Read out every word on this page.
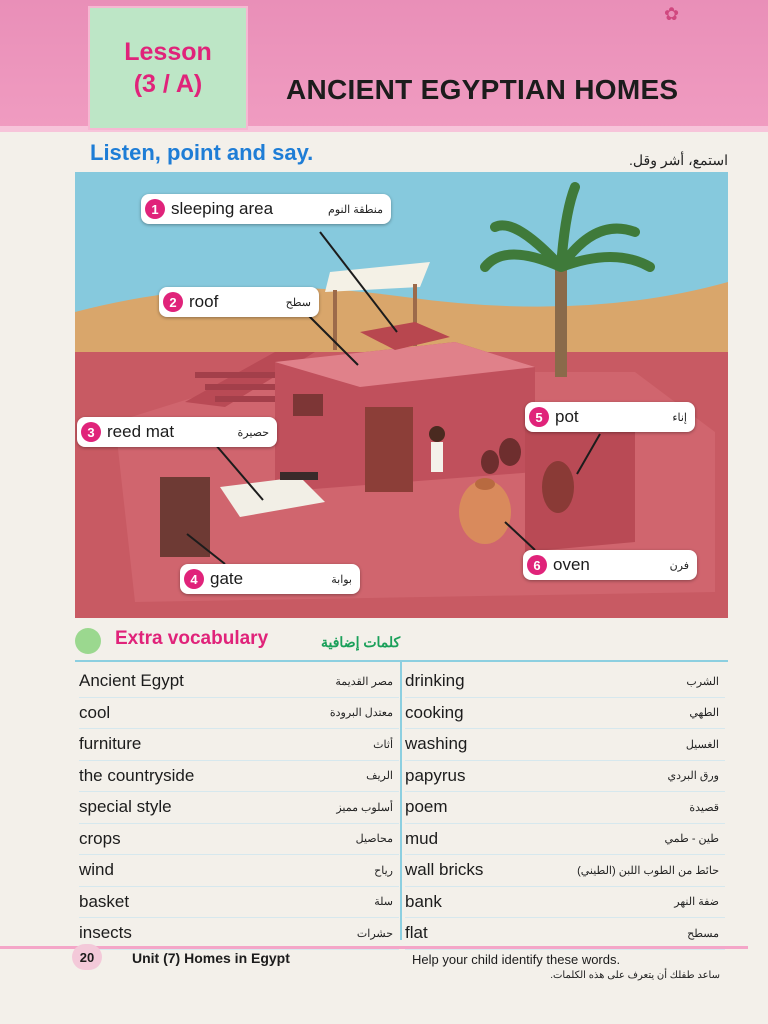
Lesson
(3 / A)	ANCIENT EGYPTIAN HOMES
✿
Listen, point and say.	استمع، أشر وقل.
1 sleeping area	منطقة النوم
2 roof	سطح
3 reed mat	حصيرة
4 gate	بوابة
5 pot	إناء
6 oven	فرن
Extra vocabulary	كلمات إضافية
Ancient Egypt	مصر القديمة
cool	معتدل البرودة
furniture	أثاث
the countryside	الريف
special style	أسلوب مميز
crops	محاصيل
wind	رياح
basket	سلة
insects	حشرات
drinking	الشرب
cooking	الطهي
washing	الغسيل
papyrus	ورق البردي
poem	قصيدة
mud	طين - طمي
wall bricks	حائط من الطوب اللبن (الطيني)
bank	ضفة النهر
flat	مسطح
20	Unit (7) Homes in Egypt	Help your child identify these words.
ساعد طفلك أن يتعرف على هذه الكلمات.
